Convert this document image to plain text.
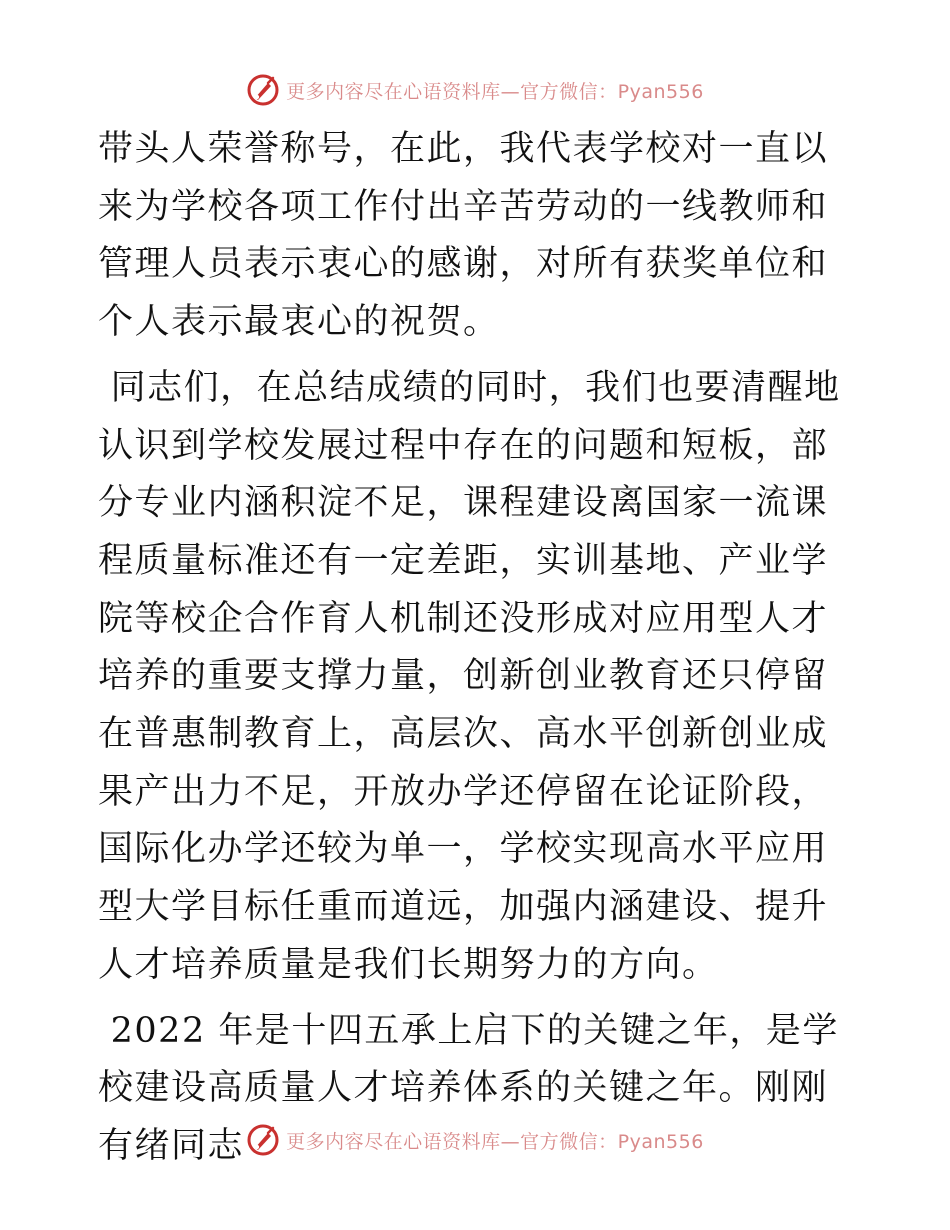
更多内容尽在心语资料库—官方微信：Pyan556

带头人荣誉称号，在此，我代表学校对一直以来为学校各项工作付出辛苦劳动的一线教师和管理人员表示衷心的感谢，对所有获奖单位和个人表示最衷心的祝贺。

同志们，在总结成绩的同时，我们也要清醒地认识到学校发展过程中存在的问题和短板，部分专业内涵积淀不足，课程建设离国家一流课程质量标准还有一定差距，实训基地、产业学院等校企合作育人机制还没形成对应用型人才培养的重要支撑力量，创新创业教育还只停留在普惠制教育上，高层次、高水平创新创业成果产出力不足，开放办学还停留在论证阶段，国际化办学还较为单一，学校实现高水平应用型大学目标任重而道远，加强内涵建设、提升人才培养质量是我们长期努力的方向。

2022 年是十四五承上启下的关键之年，是学校建设高质量人才培养体系的关键之年。刚刚有绪同志	更多内容尽在心语资料库—官方微信：Pyan556
